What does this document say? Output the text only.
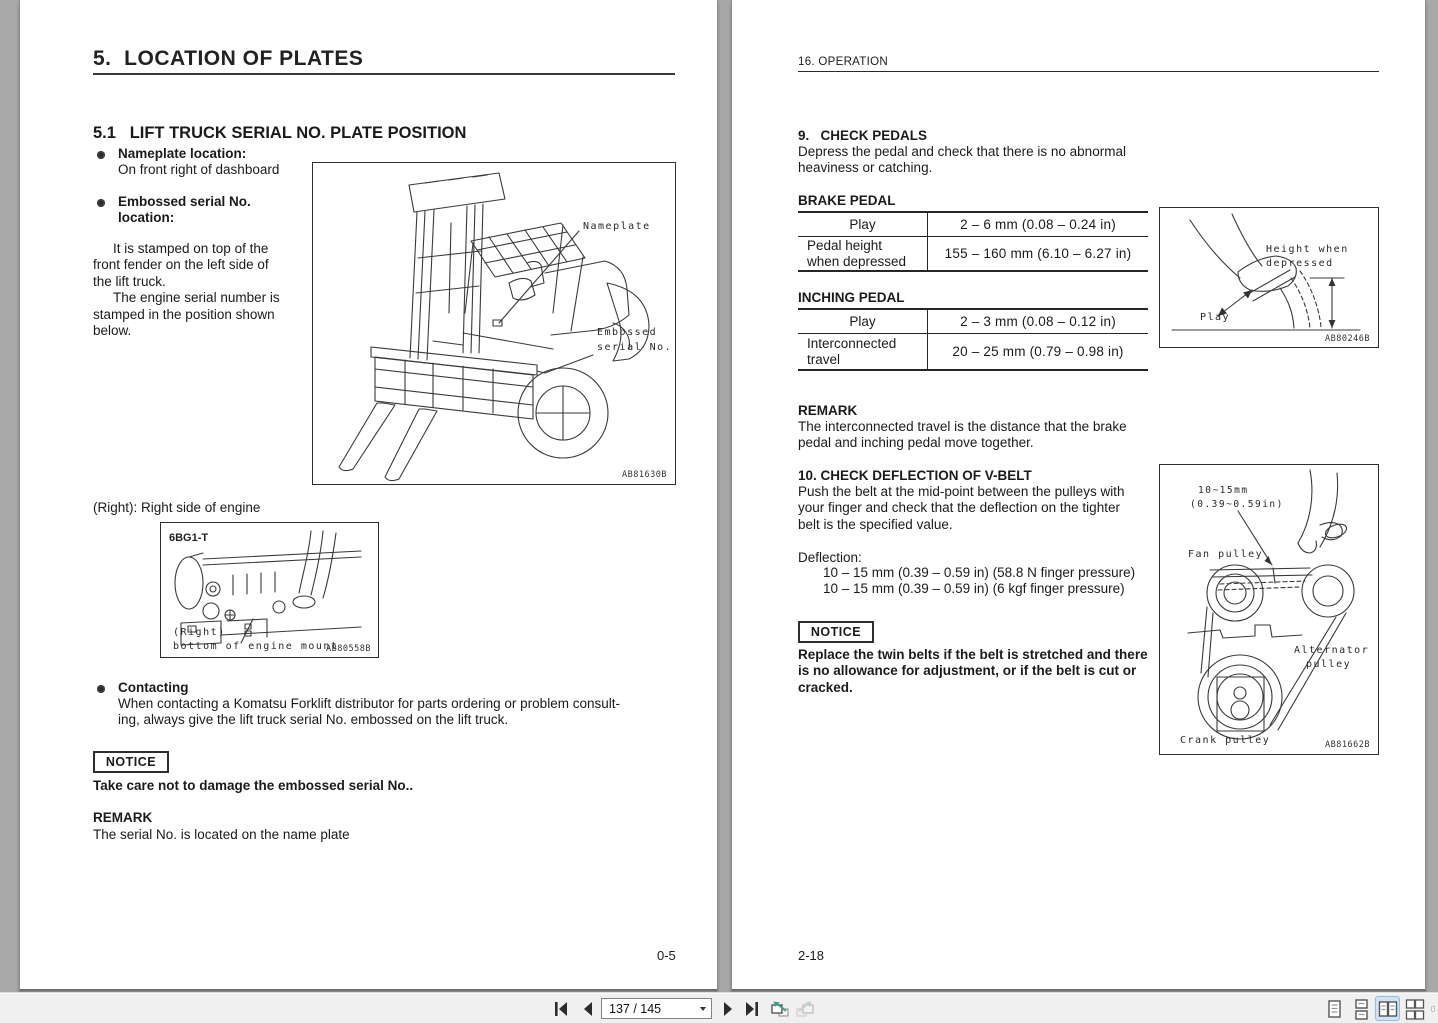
5.  LOCATION OF PLATES
5.1   LIFT TRUCK SERIAL NO. PLATE POSITION
Nameplate location:
On front right of dashboard
Embossed serial No.
location:
It is stamped on top of the
front fender on the left side of
the lift truck.
The engine serial number is
stamped in the position shown
below.
Nameplate
Embossed
serial No.
AB81630B
(Right): Right side of engine
6BG1-T
(Right)
bottom of engine mount
AB80558B
Contacting
When contacting a Komatsu Forklift distributor for parts ordering or problem consult-
ing, always give the lift truck serial No. embossed on the lift truck.
NOTICE
Take care not to damage the embossed serial No..
REMARK
The serial No. is located on the name plate
0-5
16. OPERATION
9.   CHECK PEDALS
Depress the pedal and check that there is no abnormal
heaviness or catching.
BRAKE PEDAL
Play	2 – 6 mm (0.08 – 0.24 in)
Pedal height
when depressed	155 – 160 mm (6.10 – 6.27 in)	Height when
depressed
Play
AB80246B
INCHING PEDAL
Play	2 – 3 mm (0.08 – 0.12 in)
Interconnected
travel	20 – 25 mm (0.79 – 0.98 in)
REMARK
The interconnected travel is the distance that the brake
pedal and inching pedal move together.
10. CHECK DEFLECTION OF V-BELT
Push the belt at the mid-point between the pulleys with
your finger and check that the deflection on the tighter
belt is the specified value.
Deflection:
10 – 15 mm (0.39 – 0.59 in) (58.8 N finger pressure)
10 – 15 mm (0.39 – 0.59 in) (6 kgf finger pressure)
NOTICE
Replace the twin belts if the belt is stretched and there
is no allowance for adjustment, or if the belt is cut or
cracked.
10~15mm
(0.39~0.59in)
Fan pulley
Alternator
pulley
Crank pulley	AB81662B
2-18
137 / 145
